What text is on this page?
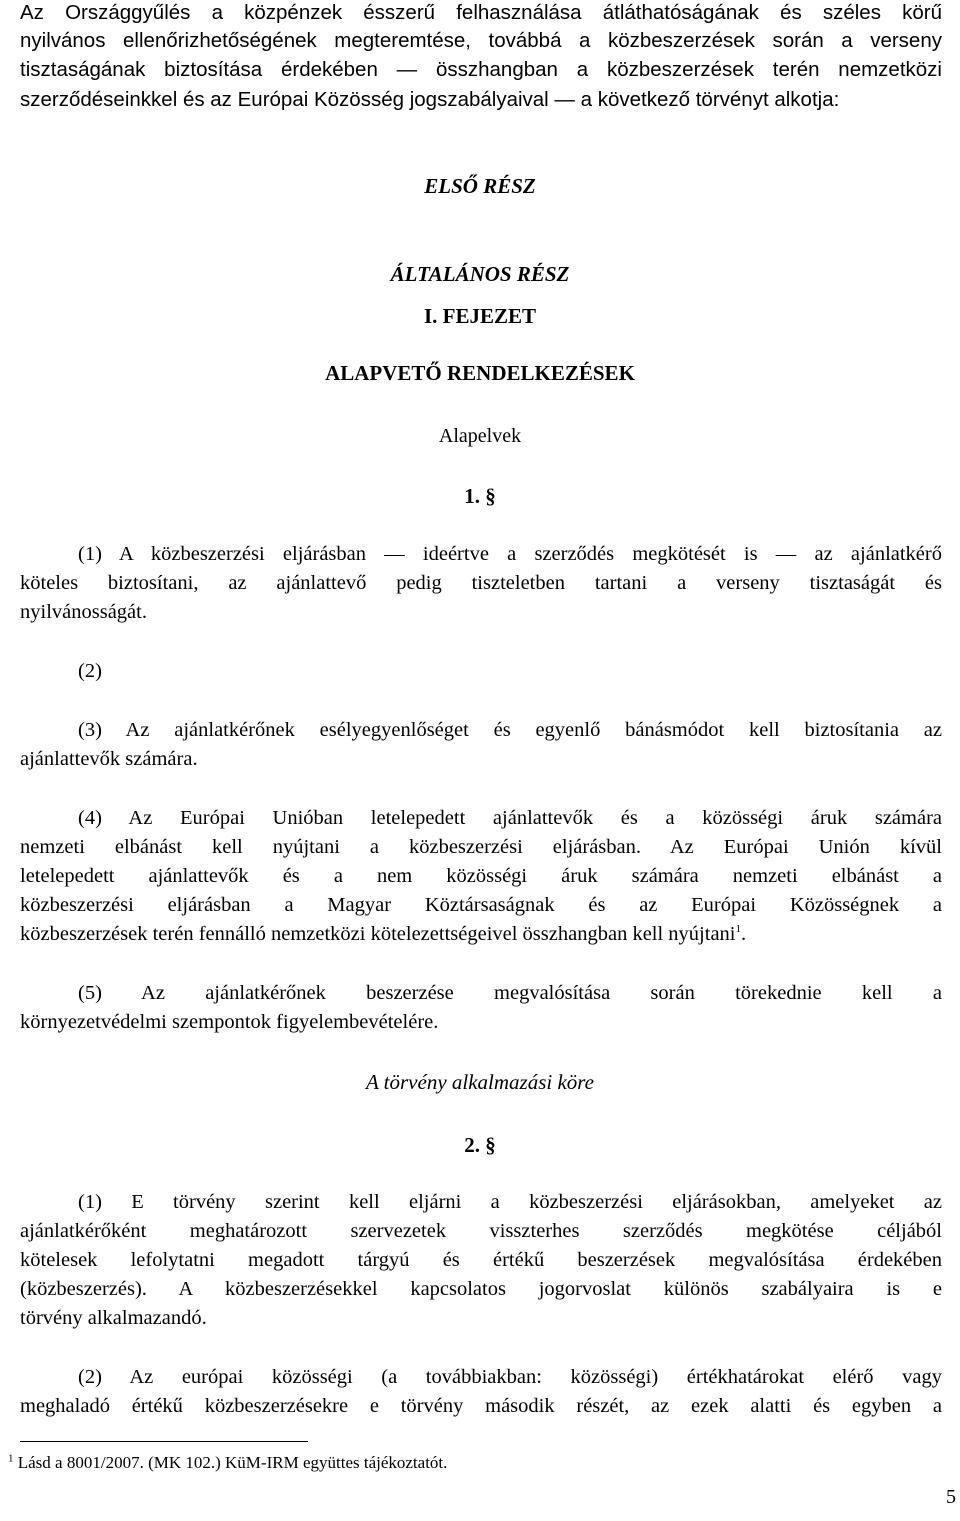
Az Országgyűlés a közpénzek ésszerű felhasználása átláthatóságának és széles körű
nyilvános ellenőrizhetőségének megteremtése, továbbá a közbeszerzések során a verseny
tisztaságának biztosítása érdekében — összhangban a közbeszerzések terén nemzetközi
szerződéseinkkel és az Európai Közösség jogszabályaival — a következő törvényt alkotja:
ELSŐ RÉSZ
ÁLTALÁNOS RÉSZ
I. FEJEZET
ALAPVETŐ RENDELKEZÉSEK
Alapelvek
1. §
(1) A közbeszerzési eljárásban — ideértve a szerződés megkötését is — az ajánlatkérő
köteles biztosítani, az ajánlattevő pedig tiszteletben tartani a verseny tisztaságát és
nyilvánosságát.
(2)
(3) Az ajánlatkérőnek esélyegyenlőséget és egyenlő bánásmódot kell biztosítania az
ajánlattevők számára.
(4) Az Európai Unióban letelepedett ajánlattevők és a közösségi áruk számára
nemzeti elbánást kell nyújtani a közbeszerzési eljárásban. Az Európai Unión kívül
letelepedett ajánlattevők és a nem közösségi áruk számára nemzeti elbánást a
közbeszerzési eljárásban a Magyar Köztársaságnak és az Európai Közösségnek a
közbeszerzések terén fennálló nemzetközi kötelezettségeivel összhangban kell nyújtani$^1$.
(5) Az ajánlatkérőnek beszerzése megvalósítása során törekednie kell a
környezetvédelmi szempontok figyelembevételére.
A törvény alkalmazási köre
2. §
(1) E törvény szerint kell eljárni a közbeszerzési eljárásokban, amelyeket az
ajánlatkérőként meghatározott szervezetek visszterhes szerződés megkötése céljából
kötelesek lefolytatni megadott tárgyú és értékű beszerzések megvalósítása érdekében
(közbeszerzés). A közbeszerzésekkel kapcsolatos jogorvoslat különös szabályaira is e
törvény alkalmazandó.
(2) Az európai közösségi (a továbbiakban: közösségi) értékhatárokat elérő vagy
meghaladó értékű közbeszerzésekre e törvény második részét, az ezek alatti és egyben a
$^1$ Lásd a 8001/2007. (MK 102.) KüM-IRM együttes tájékoztatót.
5
